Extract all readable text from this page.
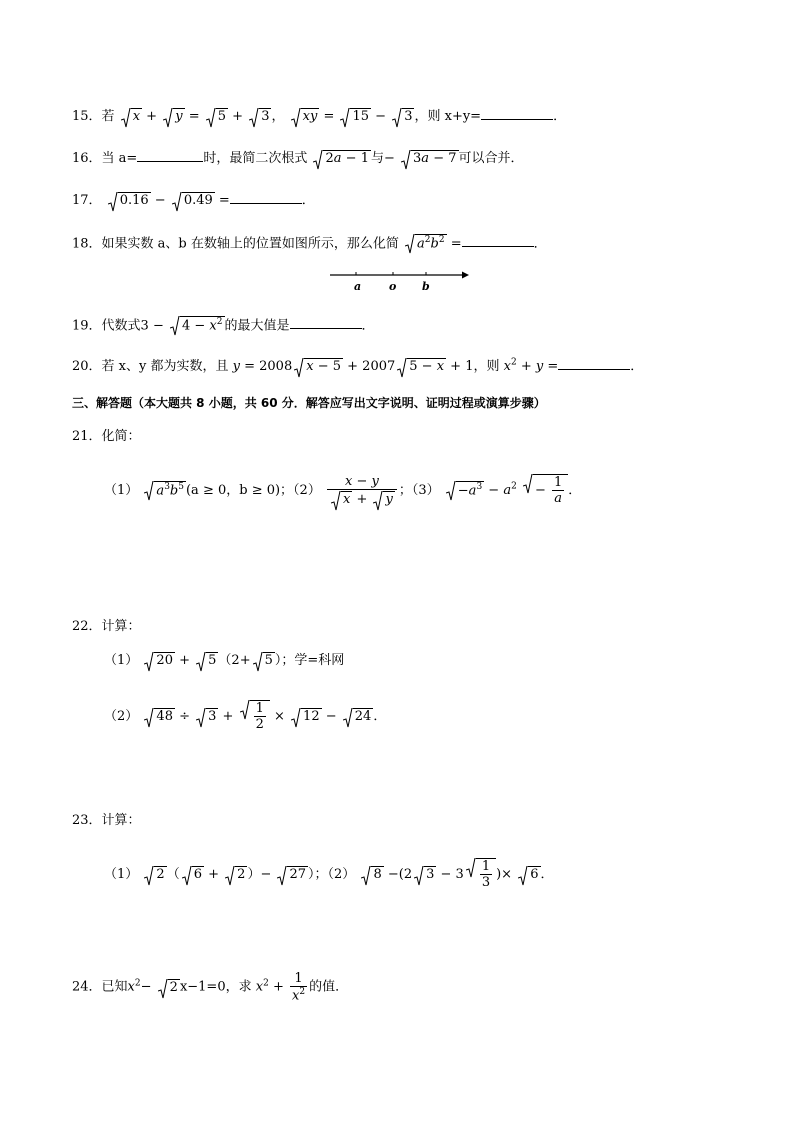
15．若 x +
y =
5 +
3 ， xy =
15 −
3 ，则 x+y=	．
16．当 a=	时，最简二次根式 2a − 1 与−
3a − 7 可以合并．
17． 0.16 −
0.49 =	．
18．如果实数 a、b 在数轴上的位置如图所示，那么化简 $a^2b^2$ =	．
a	o b
19．代数式3 −
$4 - x^2$ 的最大值是	．
20．若 x、y 都为实数，且 y = 2008 x − 5 + 2007 5 − x + 1，则 $x^2 + y$ =	．
三、解答题（本大题共 8 小题，共 60 分．解答应写出文字说明、证明过程或演算步骤）
21．化简：
（1） $a^3b^5$ (a ≥ 0，b ≥ 0)；（2） x − y
x +
y ；$(3) -a^3 - a^2 - \frac{1}{a}$ ．
22．计算：
（1） 20 +
5 （2+ 5 ）；学=科网
（2） 48 ÷
$3 + \frac{1}{2}$ ×
12 −
24 ．
23．计算：
（1） 2 （ 6 +
2 ）−
27 ）；（2） 8 −(2 $3 - 3 \frac{1}{3}$ )×
6 ．
24．已知$x^2-$
2 x−1=0，求 $x^2 + \frac{1}{x^2}$ 的值．
